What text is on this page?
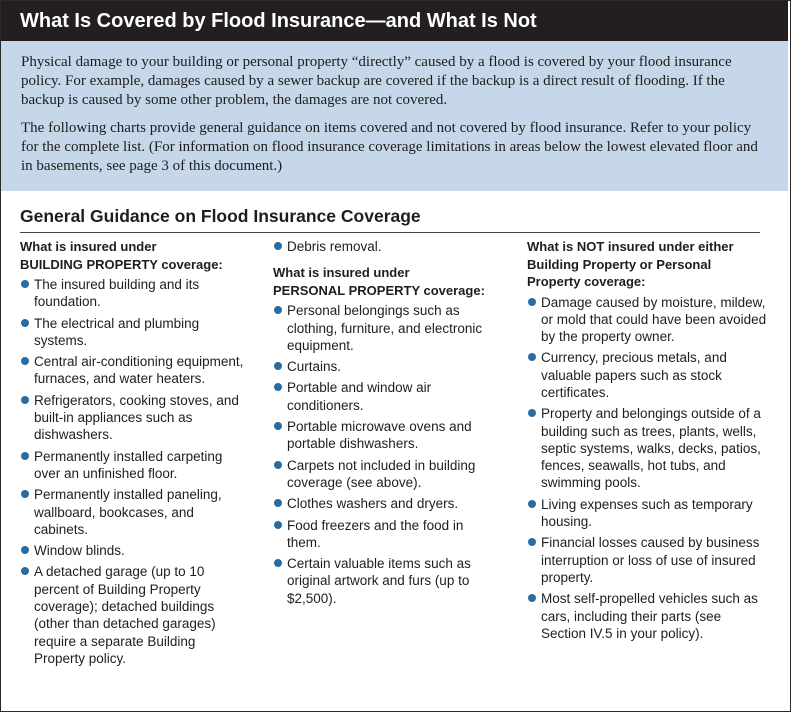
What Is Covered by Flood Insurance—and What Is Not

Physical damage to your building or personal property “directly” caused by a flood is covered by your flood insurance policy. For example, damages caused by a sewer backup are covered if the backup is a direct result of flooding. If the backup is caused by some other problem, the damages are not covered.

The following charts provide general guidance on items covered and not covered by flood insurance. Refer to your policy for the complete list. (For information on flood insurance coverage limitations in areas below the lowest elevated floor and in basements, see page 3 of this document.)

General Guidance on Flood Insurance Coverage
What is insured under
BUILDING PROPERTY coverage:
The insured building and its foundation.
The electrical and plumbing systems.
Central air-conditioning equipment, furnaces, and water heaters.
Refrigerators, cooking stoves, and built-in appliances such as dishwashers.
Permanently installed carpeting over an unfinished floor.
Permanently installed paneling, wallboard, bookcases, and cabinets.
Window blinds.
A detached garage (up to 10 percent of Building Property coverage); detached buildings (other than detached garages) require a separate Building Property policy.
Debris removal.
What is insured under
PERSONAL PROPERTY coverage:
Personal belongings such as clothing, furniture, and electronic equipment.
Curtains.
Portable and window air conditioners.
Portable microwave ovens and portable dishwashers.
Carpets not included in building coverage (see above).
Clothes washers and dryers.
Food freezers and the food in them.
Certain valuable items such as original artwork and furs (up to $2,500).
What is NOT insured under either
Building Property or Personal
Property coverage:
Damage caused by moisture, mildew, or mold that could have been avoided by the property owner.
Currency, precious metals, and valuable papers such as stock certificates.
Property and belongings outside of a building such as trees, plants, wells, septic systems, walks, decks, patios, fences, seawalls, hot tubs, and swimming pools.
Living expenses such as temporary housing.
Financial losses caused by business interruption or loss of use of insured property.
Most self-propelled vehicles such as cars, including their parts (see Section IV.5 in your policy).
